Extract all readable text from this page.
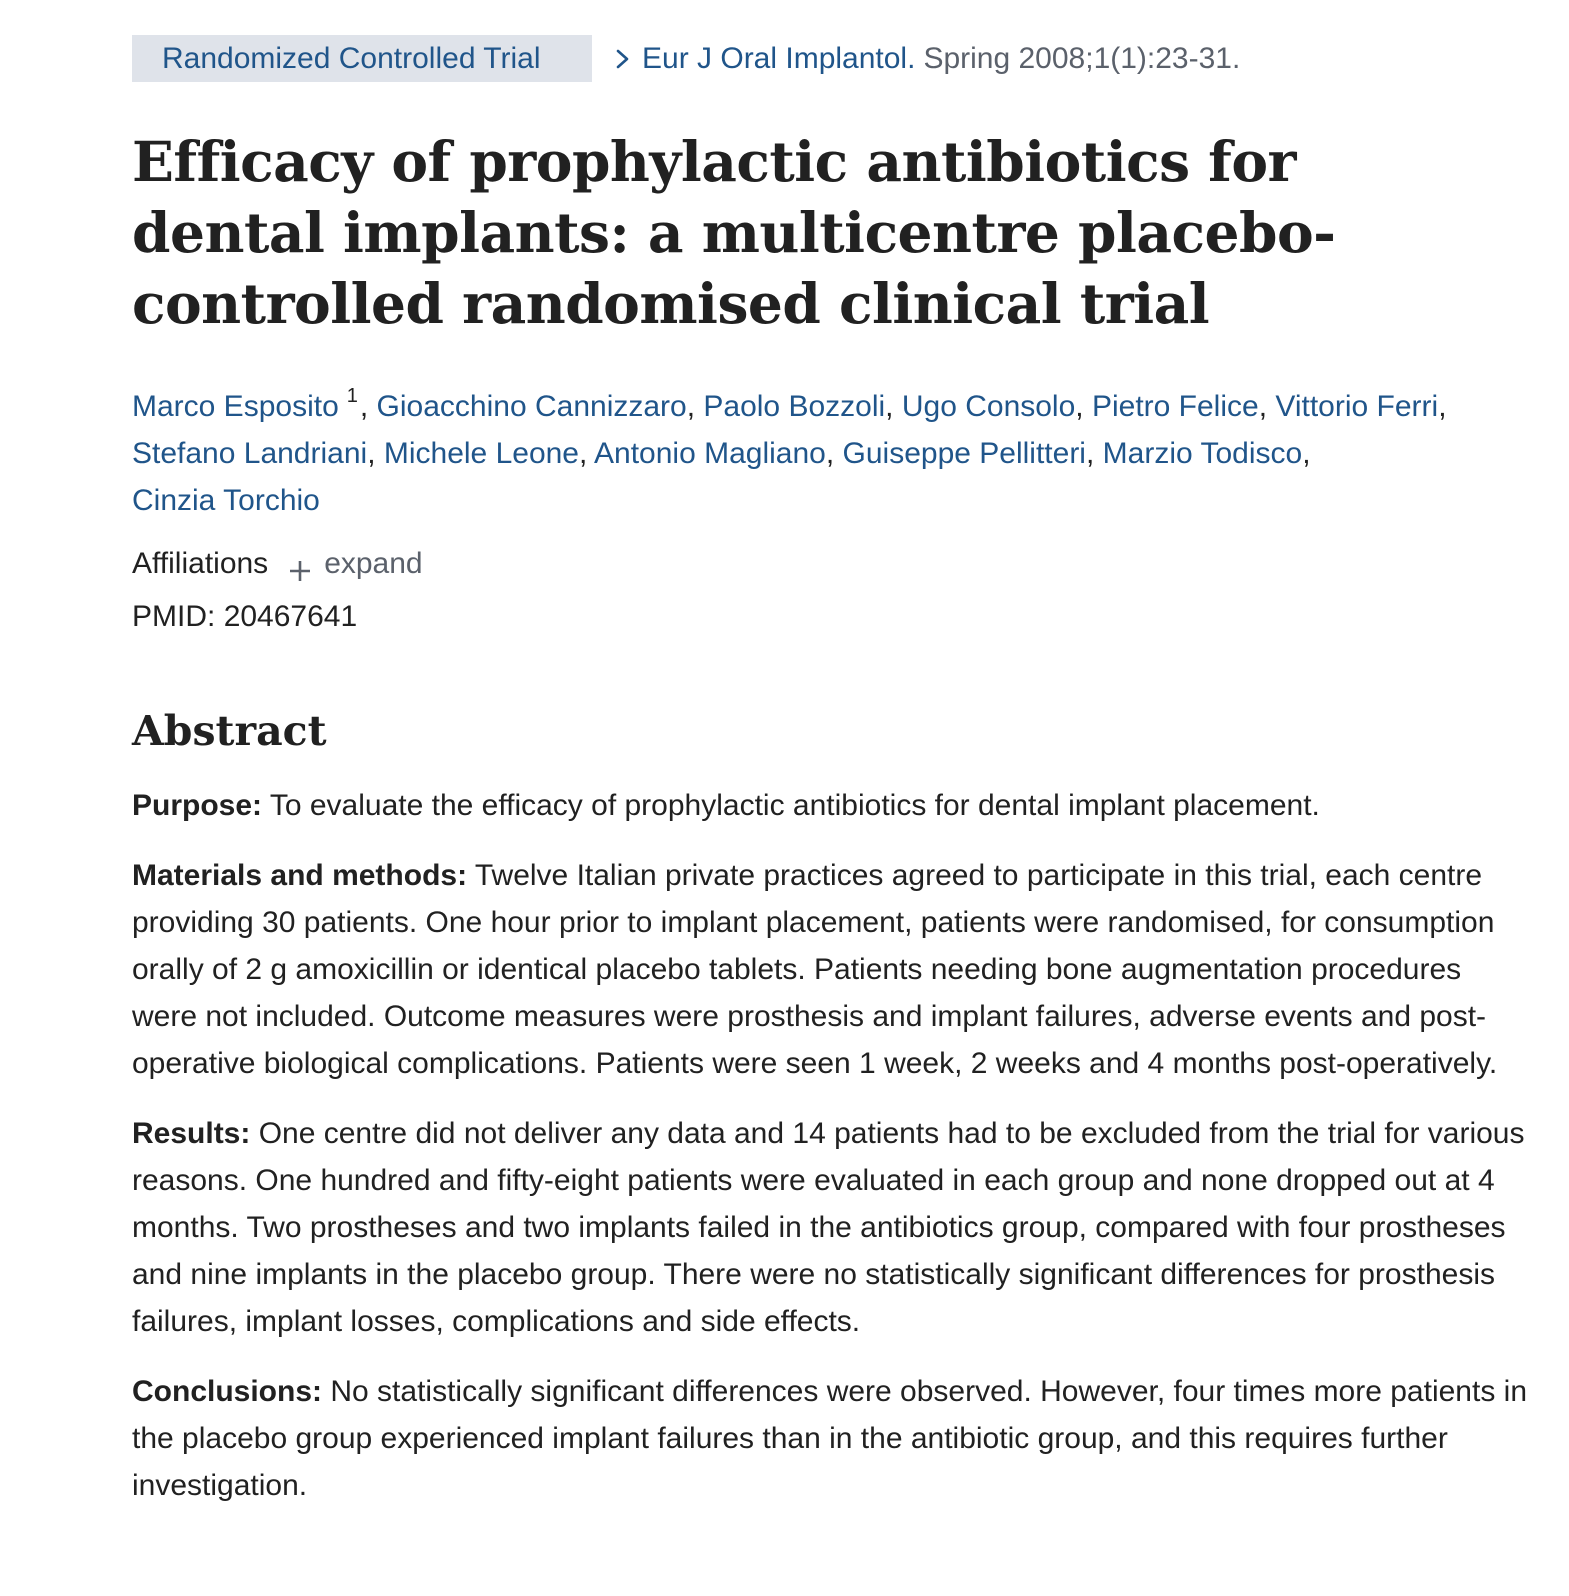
Randomized Controlled Trial	Eur J Oral Implantol. Spring 2008;1(1):23-31.
Efficacy of prophylactic antibiotics for dental implants: a multicentre placebo-controlled randomised clinical trial
Marco Esposito $^1$, Gioacchino Cannizzaro, Paolo Bozzoli, Ugo Consolo, Pietro Felice, Vittorio Ferri,
Stefano Landriani, Michele Leone, Antonio Magliano, Guiseppe Pellitteri, Marzio Todisco,
Cinzia Torchio
Affiliations expand
PMID: 20467641
Abstract

Purpose: To evaluate the efficacy of prophylactic antibiotics for dental implant placement.

Materials and methods: Twelve Italian private practices agreed to participate in this trial, each centre providing 30 patients. One hour prior to implant placement, patients were randomised, for consumption orally of 2 g amoxicillin or identical placebo tablets. Patients needing bone augmentation procedures were not included. Outcome measures were prosthesis and implant failures, adverse events and post-operative biological complications. Patients were seen 1 week, 2 weeks and 4 months post-operatively.

Results: One centre did not deliver any data and 14 patients had to be excluded from the trial for various reasons. One hundred and fifty-eight patients were evaluated in each group and none dropped out at 4 months. Two prostheses and two implants failed in the antibiotics group, compared with four prostheses and nine implants in the placebo group. There were no statistically significant differences for prosthesis failures, implant losses, complications and side effects.

Conclusions: No statistically significant differences were observed. However, four times more patients in the placebo group experienced implant failures than in the antibiotic group, and this requires further investigation.
